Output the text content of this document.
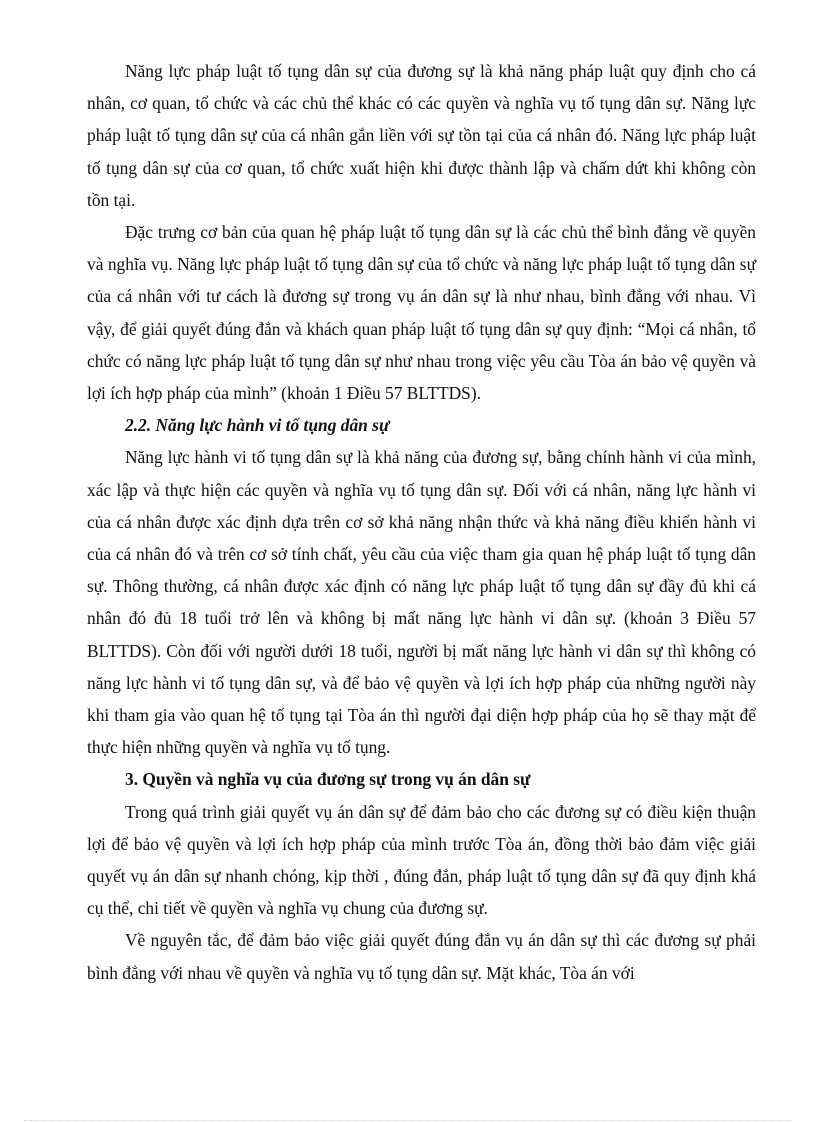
Năng lực pháp luật tố tụng dân sự của đương sự là khả năng pháp luật quy định cho cá nhân, cơ quan, tổ chức và các chủ thể khác có các quyền và nghĩa vụ tố tụng dân sự. Năng lực pháp luật tố tụng dân sự của cá nhân gắn liền với sự tồn tại của cá nhân đó. Năng lực pháp luật tố tụng dân sự của cơ quan, tổ chức xuất hiện khi được thành lập và chấm dứt khi không còn tồn tại.

Đặc trưng cơ bản của quan hệ pháp luật tố tụng dân sự là các chủ thể bình đẳng về quyền và nghĩa vụ. Năng lực pháp luật tố tụng dân sự của tổ chức và năng lực pháp luật tố tụng dân sự của cá nhân với tư cách là đương sự trong vụ án dân sự là như nhau, bình đẳng với nhau. Vì vậy, để giải quyết đúng đắn và khách quan pháp luật tố tụng dân sự quy định: “Mọi cá nhân, tổ chức có năng lực pháp luật tố tụng dân sự như nhau trong việc yêu cầu Tòa án bảo vệ quyền và lợi ích hợp pháp của mình” (khoản 1 Điều 57 BLTTDS).

2.2. Năng lực hành vi tố tụng dân sự

Năng lực hành vi tố tụng dân sự là khả năng của đương sự, bằng chính hành vi của mình, xác lập và thực hiện các quyền và nghĩa vụ tố tụng dân sự. Đối với cá nhân, năng lực hành vi của cá nhân được xác định dựa trên cơ sở khả năng nhận thức và khả năng điều khiển hành vi của cá nhân đó và trên cơ sở tính chất, yêu cầu của việc tham gia quan hệ pháp luật tố tụng dân sự. Thông thường, cá nhân được xác định có năng lực pháp luật tố tụng dân sự đầy đủ khi cá nhân đó đủ 18 tuổi trở lên và không bị mất năng lực hành vi dân sự. (khoản 3 Điều 57 BLTTDS). Còn đối với người dưới 18 tuổi, người bị mất năng lực hành vi dân sự thì không có năng lực hành vi tố tụng dân sự, và để bảo vệ quyền và lợi ích hợp pháp của những người này khi tham gia vào quan hệ tố tụng tại Tòa án thì người đại diện hợp pháp của họ sẽ thay mặt để thực hiện những quyền và nghĩa vụ tố tụng.

3. Quyền và nghĩa vụ của đương sự trong vụ án dân sự

Trong quá trình giải quyết vụ án dân sự để đảm bảo cho các đương sự có điều kiện thuận lợi để bảo vệ quyền và lợi ích hợp pháp của mình trước Tòa án, đồng thời bảo đảm việc giải quyết vụ án dân sự nhanh chóng, kịp thời , đúng đắn, pháp luật tố tụng dân sự đã quy định khá cụ thể, chi tiết về quyền và nghĩa vụ chung của đương sự.

Về nguyên tắc, để đảm bảo việc giải quyết đúng đắn vụ án dân sự thì các đương sự phải bình đẳng với nhau về quyền và nghĩa vụ tố tụng dân sự. Mặt khác, Tòa án với
